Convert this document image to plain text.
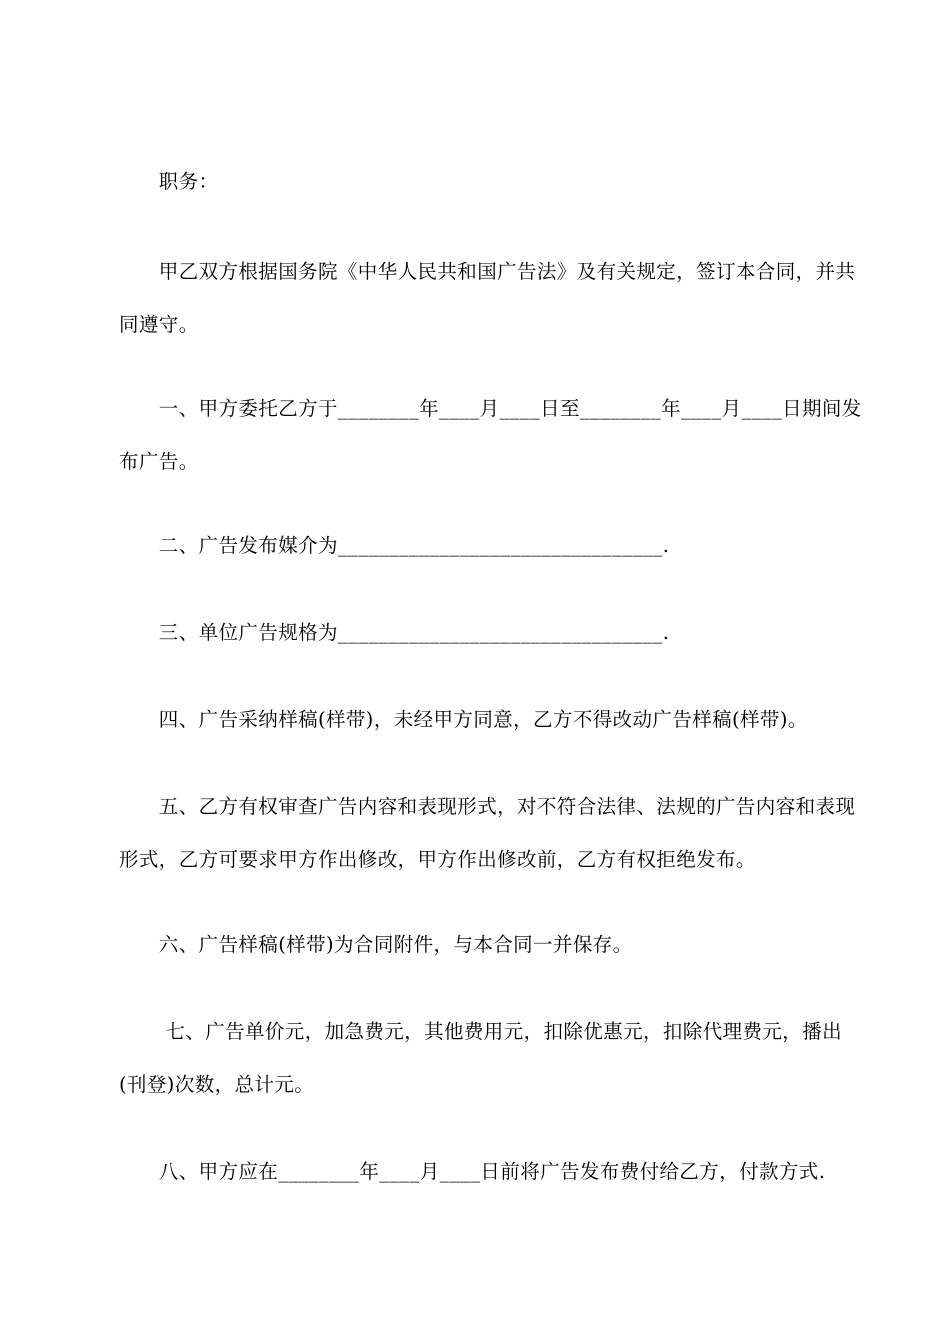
　　职务：
　　甲乙双方根据国务院《中华人民共和国广告法》及有关规定，签订本合同，并共
同遵守。
　　一、甲方委托乙方于________年____月____日至________年____月____日期间发
布广告。
　　二、广告发布媒介为________________________________.
　　三、单位广告规格为________________________________.
　　四、广告采纳样稿(样带)，未经甲方同意，乙方不得改动广告样稿(样带)。
　　五、乙方有权审查广告内容和表现形式，对不符合法律、法规的广告内容和表现
形式，乙方可要求甲方作出修改，甲方作出修改前，乙方有权拒绝发布。
　　六、广告样稿(样带)为合同附件，与本合同一并保存。
　　 七、广告单价元，加急费元，其他费用元，扣除优惠元，扣除代理费元，播出
(刊登)次数，总计元。
　　八、甲方应在________年____月____日前将广告发布费付给乙方，付款方式.
